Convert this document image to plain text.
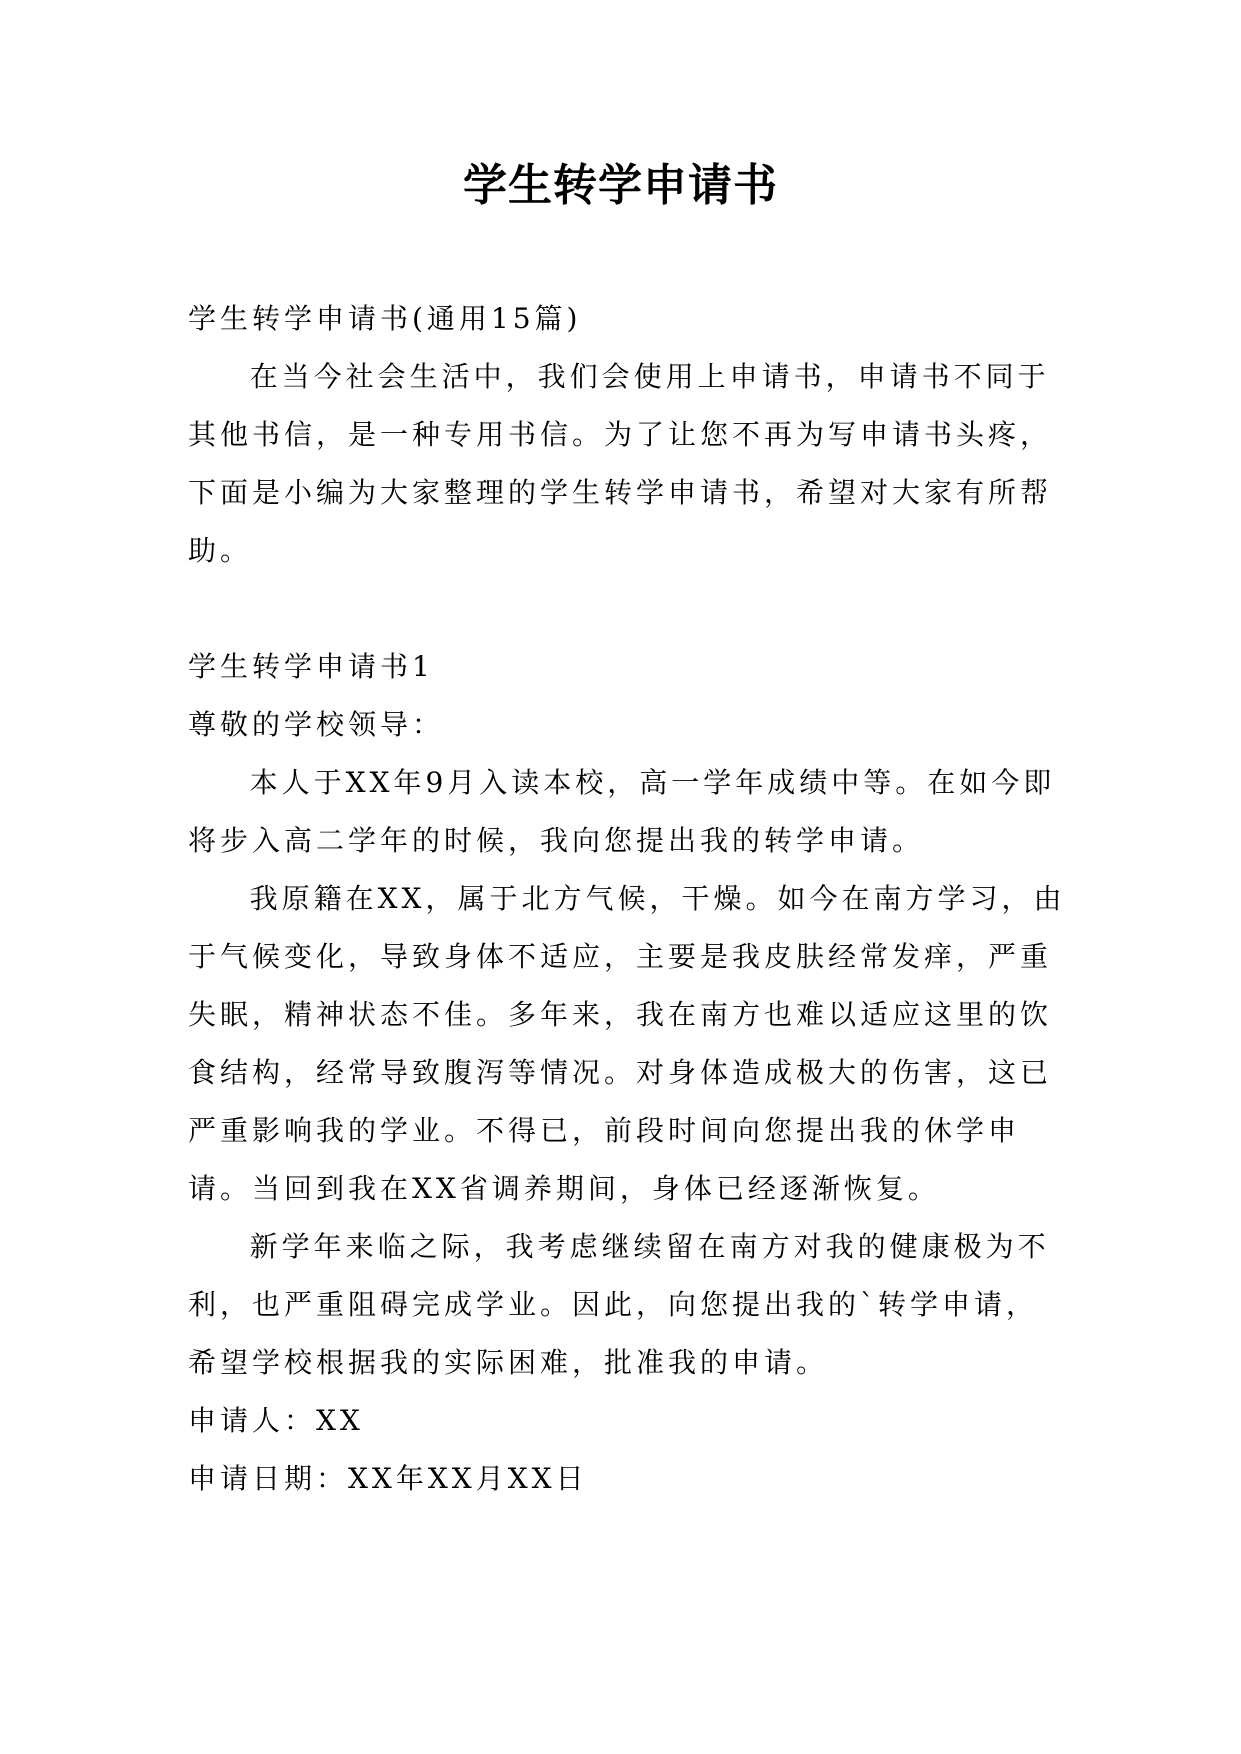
学生转学申请书

学生转学申请书(通用15篇)

在当今社会生活中，我们会使用上申请书，申请书不同于其他书信，是一种专用书信。为了让您不再为写申请书头疼，下面是小编为大家整理的学生转学申请书，希望对大家有所帮助。

学生转学申请书1

尊敬的学校领导：

本人于XX年9月入读本校，高一学年成绩中等。在如今即将步入高二学年的时候，我向您提出我的转学申请。

我原籍在XX，属于北方气候，干燥。如今在南方学习，由于气候变化，导致身体不适应，主要是我皮肤经常发痒，严重失眠，精神状态不佳。多年来，我在南方也难以适应这里的饮食结构，经常导致腹泻等情况。对身体造成极大的伤害，这已严重影响我的学业。不得已，前段时间向您提出我的休学申请。当回到我在XX省调养期间，身体已经逐渐恢复。

新学年来临之际，我考虑继续留在南方对我的健康极为不利，也严重阻碍完成学业。因此，向您提出我的`转学申请，希望学校根据我的实际困难，批准我的申请。

申请人：XX

申请日期：XX年XX月XX日
